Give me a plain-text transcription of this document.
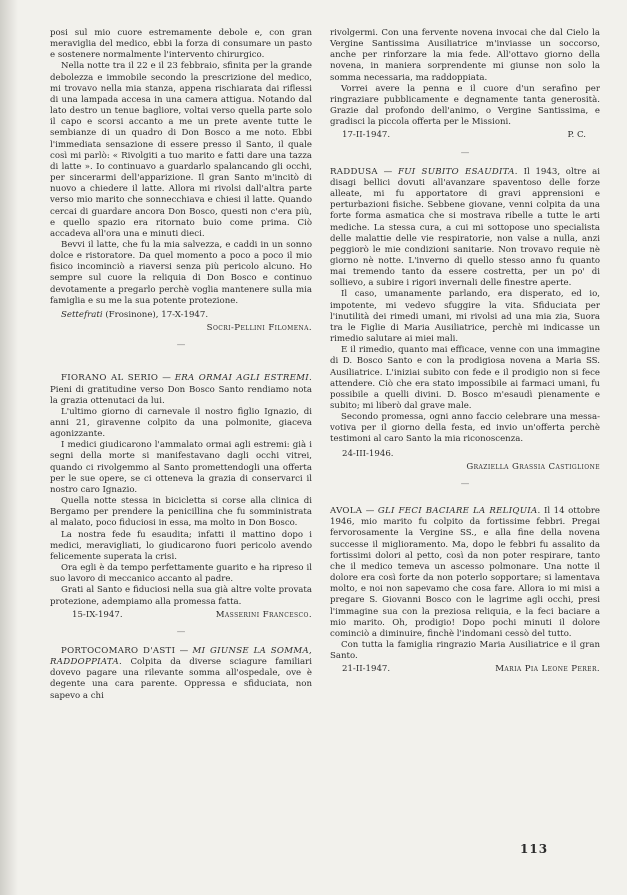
posi sul mio cuore estremamente debole e, con gran meraviglia del medico, ebbi la forza di consumare un pasto e sostenere normalmente l'intervento chirurgico.

Nella notte tra il 22 e il 23 febbraio, sfinita per la grande debolezza e immobile secondo la prescrizione del medico, mi trovavo nella mia stanza, appena rischiarata dai riflessi di una lampada accesa in una camera attigua. Notando dal lato destro un tenue bagliore, voltai verso quella parte solo il capo e scorsi accanto a me un prete avente tutte le sembianze di un quadro di Don Bosco a me noto. Ebbi l'immediata sensazione di essere presso il Santo, il quale così mi parlò: « Rivolgiti a tuo marito e fatti dare una tazza di latte ». Io continuavo a guardarlo spalancando gli occhi, per sincerarmi dell'apparizione. Il gran Santo m'incitò di nuovo a chiedere il latte. Allora mi rivolsi dall'altra parte verso mio marito che sonnecchiava e chiesi il latte. Quando cercai di guardare ancora Don Bosco, questi non c'era più, e quello spazio era ritornato buio come prima. Ciò accadeva all'ora una e minuti dieci.

Bevvi il latte, che fu la mia salvezza, e caddi in un sonno dolce e ristoratore. Da quel momento a poco a poco il mio fisico incominciò a riaversi senza più pericolo alcuno. Ho sempre sul cuore la reliquia di Don Bosco e continuo devotamente a pregarlo perchè voglia mantenere sulla mia famiglia e su me la sua potente protezione.

Settefrati (Frosinone), 17-X-1947.

Socri-Pellini Filomena.
—

FIORANO AL SERIO — ERA ORMAI AGLI ESTREMI. Pieni di gratitudine verso Don Bosco Santo rendiamo nota la grazia ottenutaci da lui.

L'ultimo giorno di carnevale il nostro figlio Ignazio, di anni 21, giravenne colpito da una polmonite, giaceva agonizzante.

I medici giudicarono l'ammalato ormai agli estremi: già i segni della morte si manifestavano dagli occhi vitrei, quando ci rivolgemmo al Santo promettendogli una offerta per le sue opere, se ci otteneva la grazia di conservarci il nostro caro Ignazio.

Quella notte stessa in bicicletta si corse alla clinica di Bergamo per prendere la penicillina che fu somministrata al malato, poco fiduciosi in essa, ma molto in Don Bosco.

La nostra fede fu esaudita; infatti il mattino dopo i medici, meravigliati, lo giudicarono fuori pericolo avendo felicemente superata la crisi.

Ora egli è da tempo perfettamente guarito e ha ripreso il suo lavoro di meccanico accanto al padre.

Grati al Santo e fiduciosi nella sua già altre volte provata protezione, adempiamo alla promessa fatta.

15-IX-1947.	Masserini Francesco.
—

PORTOCOMARO D'ASTI — MI GIUNSE LA SOMMA, RADDOPPIATA. Colpita da diverse sciagure familiari dovevo pagare una rilevante somma all'ospedale, ove è degente una cara parente. Oppressa e sfiduciata, non sapevo a chi

rivolgermi. Con una fervente novena invocai che dal Cielo la Vergine Santissima Ausiliatrice m'inviasse un soccorso, anche per rinforzare la mia fede. All'ottavo giorno della novena, in maniera sorprendente mi giunse non solo la somma necessaria, ma raddoppiata.

Vorrei avere la penna e il cuore d'un serafino per ringraziare pubblicamente e degnamente tanta generosità. Grazie dal profondo dell'animo, o Vergine Santissima, e gradisci la piccola offerta per le Missioni.

17-II-1947.	P. C.
—

RADDUSA — FUI SUBITO ESAUDITA. Il 1943, oltre ai disagi bellici dovuti all'avanzare spaventoso delle forze alleate, mi fu apportatore di gravi apprensioni e perturbazioni fisiche. Sebbene giovane, venni colpita da una forte forma asmatica che si mostrava ribelle a tutte le arti mediche. La stessa cura, a cui mi sottopose uno specialista delle malattie delle vie respiratorie, non valse a nulla, anzi peggiorò le mie condizioni sanitarie. Non trovavo requie nè giorno nè notte. L'inverno di quello stesso anno fu quanto mai tremendo tanto da essere costretta, per un po' di sollievo, a subire i rigori invernali delle finestre aperte.

Il caso, umanamente parlando, era disperato, ed io, impotente, mi vedevo sfuggire la vita. Sfiduciata per l'inutilità dei rimedi umani, mi rivolsi ad una mia zia, Suora tra le Figlie di Maria Ausiliatrice, perchè mi indicasse un rimedio salutare ai miei mali.

E il rimedio, quanto mai efficace, venne con una immagine di D. Bosco Santo e con la prodigiosa novena a Maria SS. Ausiliatrice. L'iniziai subito con fede e il prodigio non si fece attendere. Ciò che era stato impossibile ai farmaci umani, fu possibile a quelli divini. D. Bosco m'esaudì pienamente e subito; mi liberò dal grave male.

Secondo promessa, ogni anno faccio celebrare una messa-votiva per il giorno della festa, ed invio un'offerta perchè testimoni al caro Santo la mia riconoscenza.

24-III-1946.

Graziella Grassia Castiglione
—

AVOLA — GLI FECI BACIARE LA RELIQUIA. Il 14 ottobre 1946, mio marito fu colpito da fortissime febbri. Pregai fervorosamente la Vergine SS., e alla fine della novena successe il miglioramento. Ma, dopo le febbri fu assalito da fortissimi dolori al petto, così da non poter respirare, tanto che il medico temeva un ascesso polmonare. Una notte il dolore era così forte da non poterlo sopportare; si lamentava molto, e noi non sapevamo che cosa fare. Allora io mi misi a pregare S. Giovanni Bosco con le lagrime agli occhi, presi l'immagine sua con la preziosa reliquia, e la feci baciare a mio marito. Oh, prodigio! Dopo pochi minuti il dolore cominciò a diminuire, finchè l'indomani cessò del tutto.

Con tutta la famiglia ringrazio Maria Ausiliatrice e il gran Santo.

21-II-1947.	Maria Pia Leone Perer.
113
